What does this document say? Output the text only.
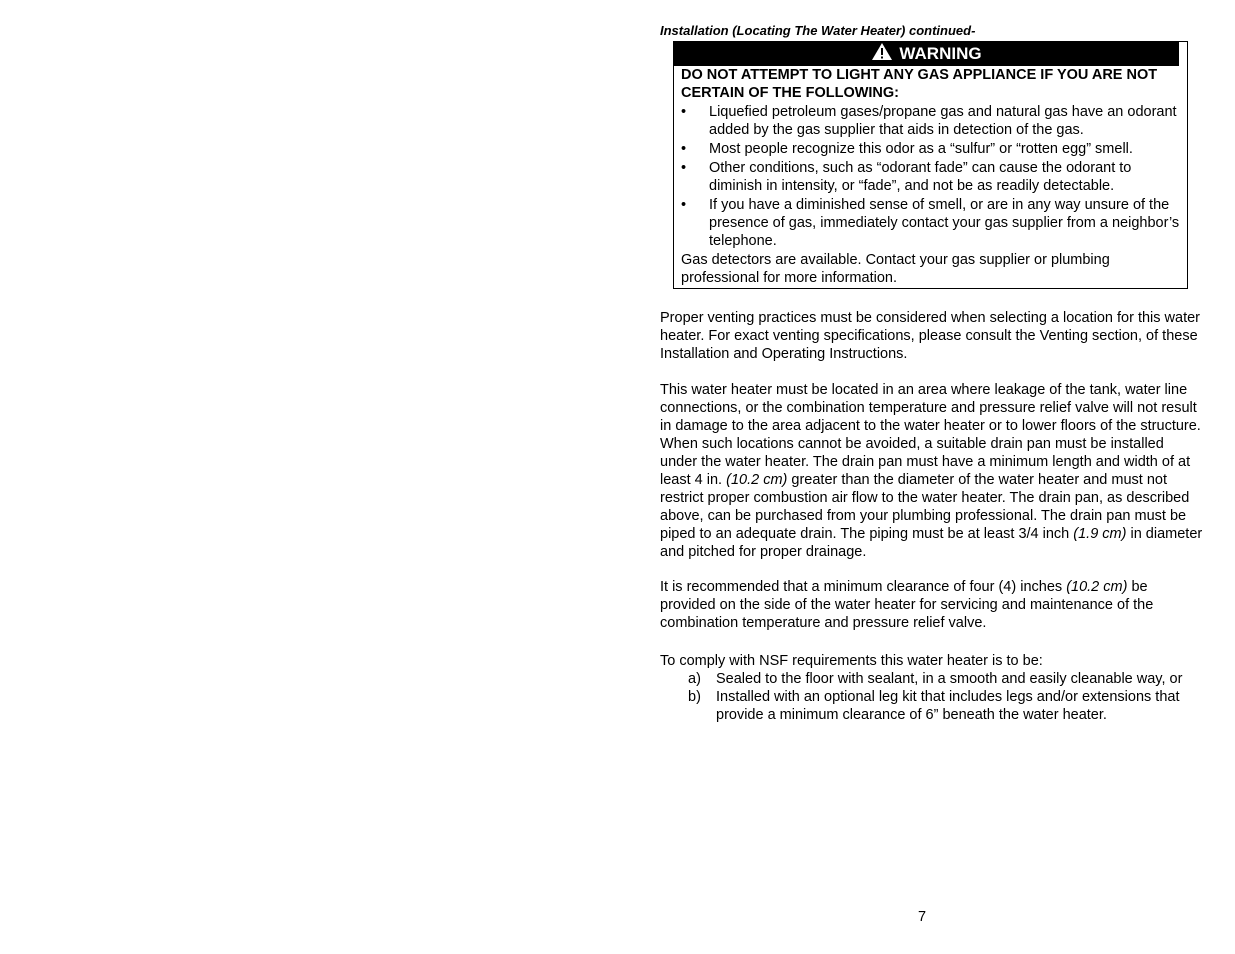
Installation (Locating The Water Heater) continued-

WARNING
DO NOT ATTEMPT TO LIGHT ANY GAS APPLIANCE IF YOU ARE NOT CERTAIN OF THE FOLLOWING:
• Liquefied petroleum gases/propane gas and natural gas have an odorant added by the gas supplier that aids in detection of the gas.
• Most people recognize this odor as a “sulfur” or “rotten egg” smell.
• Other conditions, such as “odorant fade” can cause the odorant to diminish in intensity, or “fade”, and not be as readily detectable.
• If you have a diminished sense of smell, or are in any way unsure of the presence of gas, immediately contact your gas supplier from a neighbor’s telephone.
Gas detectors are available. Contact your gas supplier or plumbing professional for more information.

Proper venting practices must be considered when selecting a location for this water heater. For exact venting specifications, please consult the Venting section, of these Installation and Operating Instructions.

This water heater must be located in an area where leakage of the tank, water line connections, or the combination temperature and pressure relief valve will not result in damage to the area adjacent to the water heater or to lower floors of the structure. When such locations cannot be avoided, a suitable drain pan must be installed under the water heater. The drain pan must have a minimum length and width of at least 4 in. (10.2 cm) greater than the diameter of the water heater and must not restrict proper combustion air flow to the water heater. The drain pan, as described above, can be purchased from your plumbing professional. The drain pan must be piped to an adequate drain. The piping must be at least 3/4 inch (1.9 cm) in diameter and pitched for proper drainage.

It is recommended that a minimum clearance of four (4) inches (10.2 cm) be provided on the side of the water heater for servicing and maintenance of the combination temperature and pressure relief valve.

To comply with NSF requirements this water heater is to be:

a) Sealed to the floor with sealant, in a smooth and easily cleanable way, or
b) Installed with an optional leg kit that includes legs and/or extensions that provide a minimum clearance of 6” beneath the water heater.
7
